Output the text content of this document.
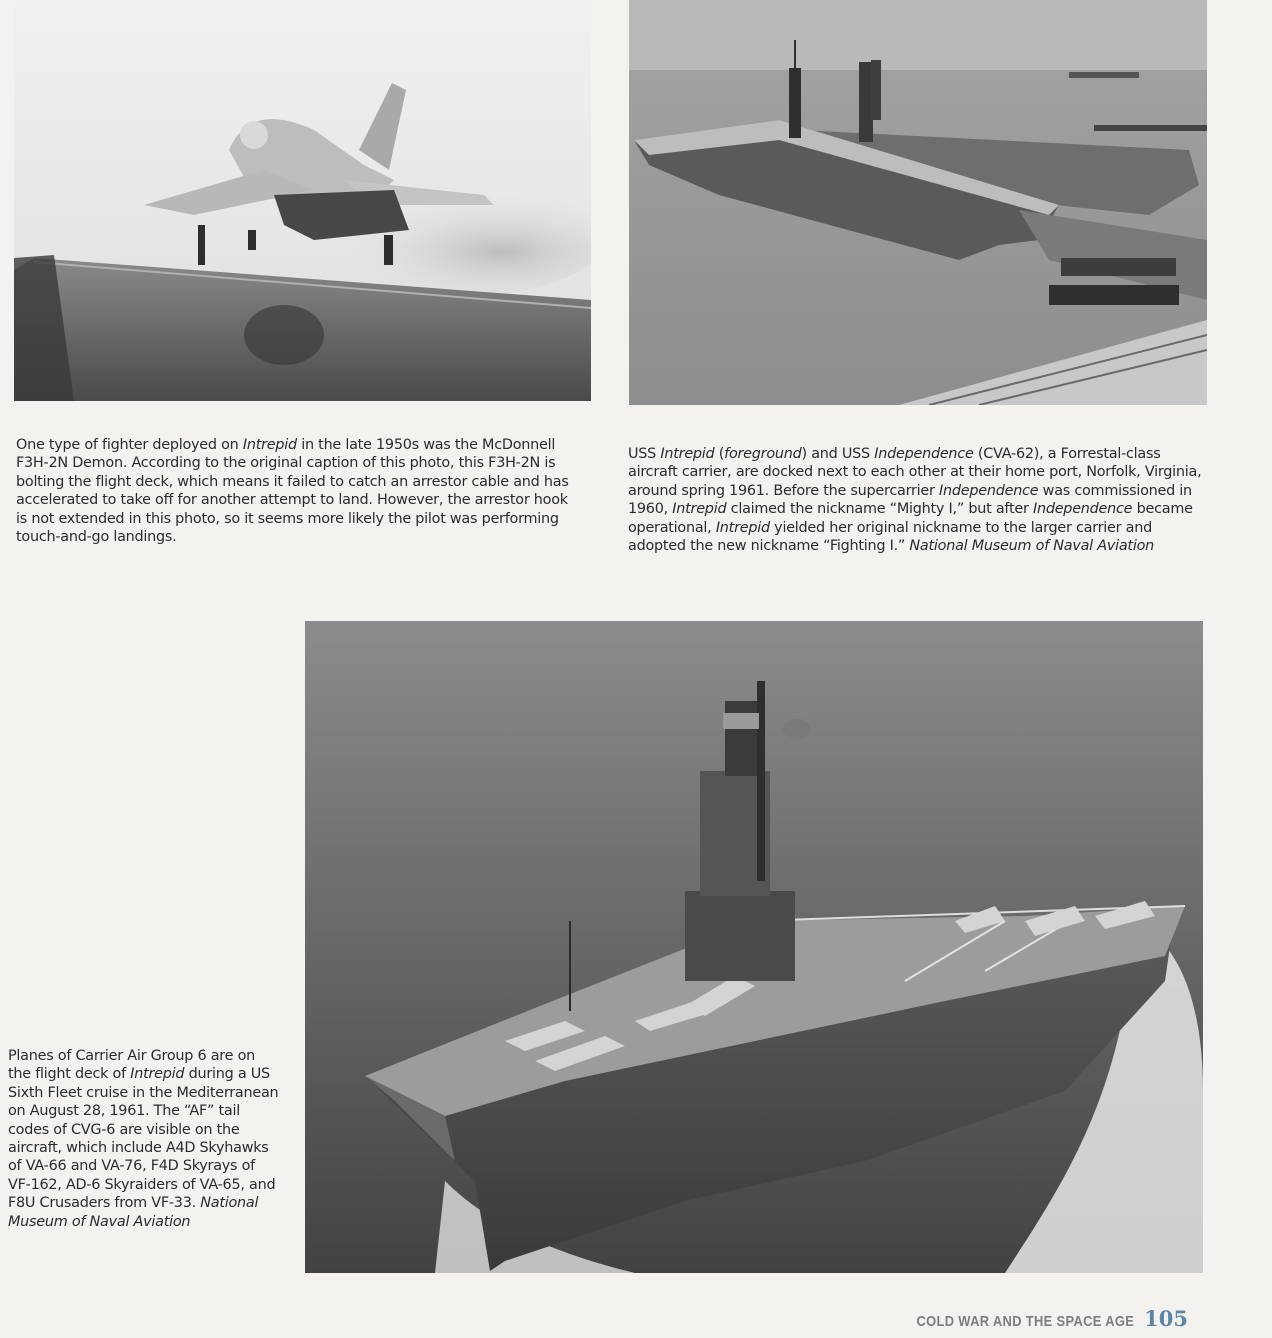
One type of fighter deployed on Intrepid in the late 1950s was the McDonnell F3H-2N Demon. According to the original caption of this photo, this F3H-2N is bolting the flight deck, which means it failed to catch an arrestor cable and has accelerated to take off for another attempt to land. However, the arrestor hook is not extended in this photo, so it seems more likely the pilot was performing touch-and-go landings.

USS Intrepid (foreground) and USS Independence (CVA-62), a Forrestal-class aircraft carrier, are docked next to each other at their home port, Norfolk, Virginia, around spring 1961. Before the supercarrier Independence was commissioned in 1960, Intrepid claimed the nickname “Mighty I,” but after Independence became operational, Intrepid yielded her original nickname to the larger carrier and adopted the new nickname “Fighting I.” National Museum of Naval Aviation

Planes of Carrier Air Group 6 are on the flight deck of Intrepid during a US Sixth Fleet cruise in the Mediterranean on August 28, 1961. The “AF” tail codes of CVG-6 are visible on the aircraft, which include A4D Skyhawks of VA-66 and VA-76, F4D Skyrays of VF-162, AD-6 Skyraiders of VA-65, and F8U Crusaders from VF-33. National Museum of Naval Aviation

COLD WAR AND THE SPACE AGE 105
